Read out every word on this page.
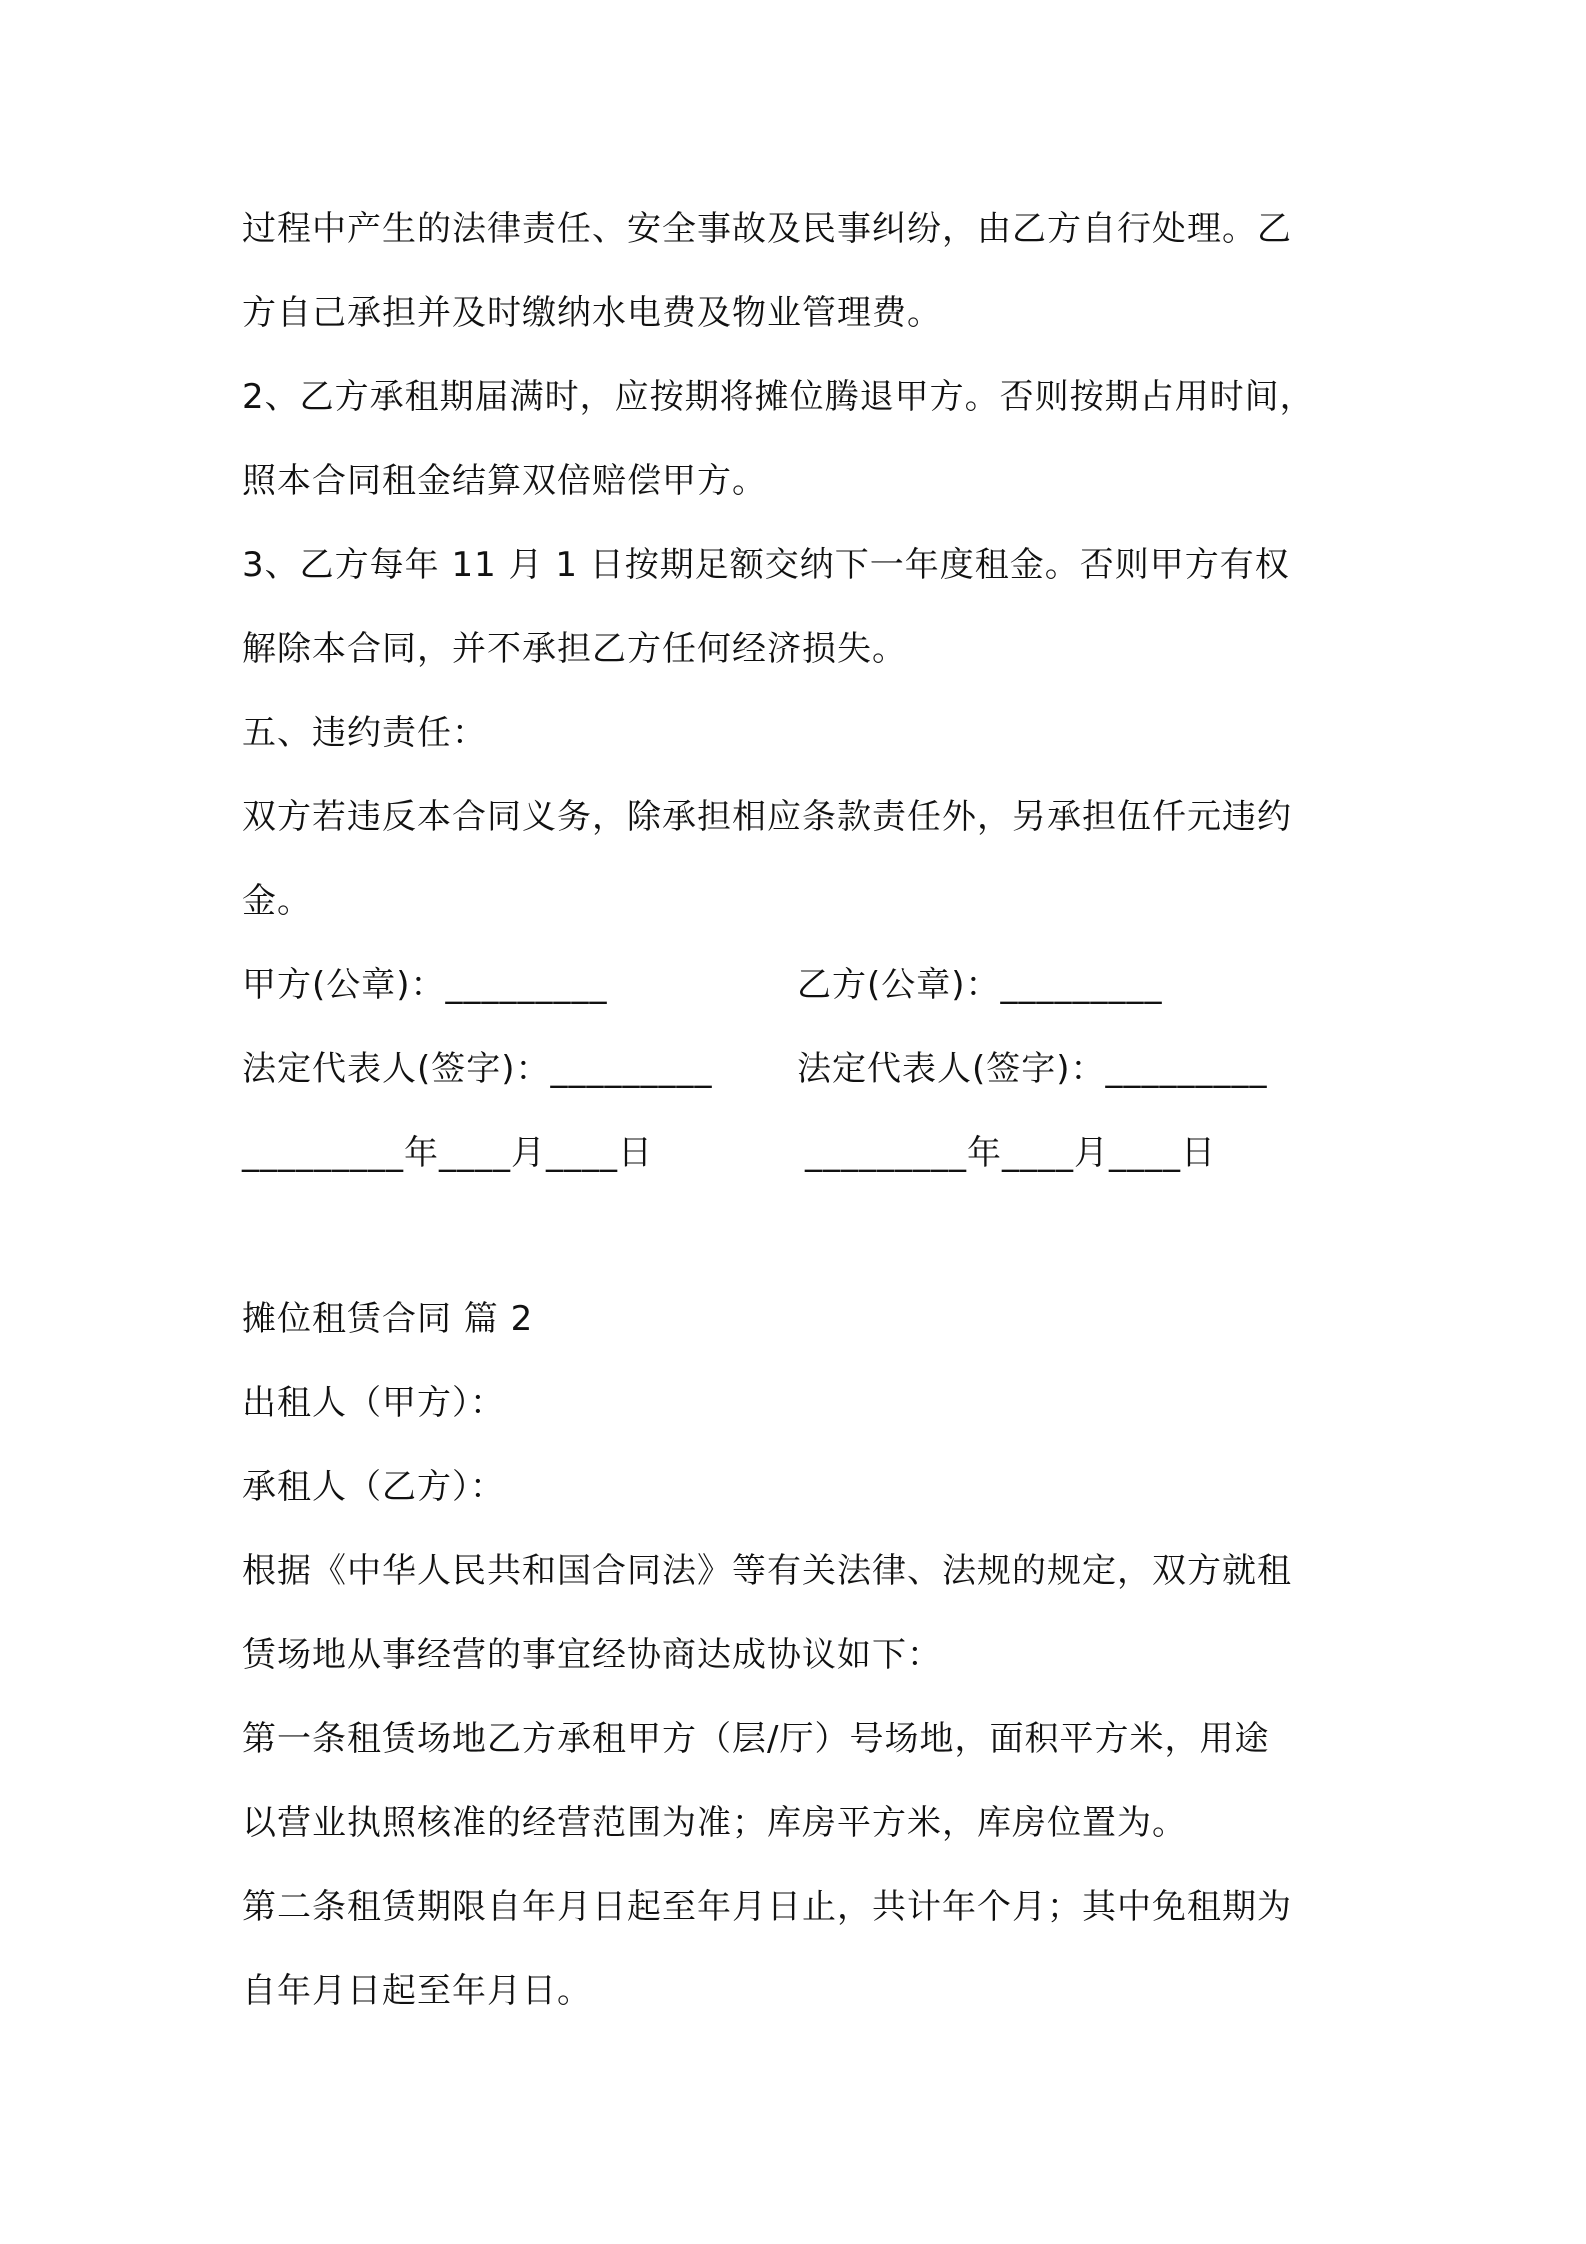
过程中产生的法律责任、安全事故及民事纠纷，由乙方自行处理。乙
方自己承担并及时缴纳水电费及物业管理费。
2、乙方承租期届满时，应按期将摊位腾退甲方。否则按期占用时间，
照本合同租金结算双倍赔偿甲方。
3、乙方每年 11 月 1 日按期足额交纳下一年度租金。否则甲方有权
解除本合同，并不承担乙方任何经济损失。
五、违约责任：
双方若违反本合同义务，除承担相应条款责任外，另承担伍仟元违约
金。
甲方(公章)：_________	乙方(公章)：_________
法定代表人(签字)：_________ 法定代表人(签字)：_________
_________年____月____日	_________年____月____日
摊位租赁合同 篇 2
出租人（甲方）：
承租人（乙方）：
根据《中华人民共和国合同法》等有关法律、法规的规定，双方就租
赁场地从事经营的事宜经协商达成协议如下：
第一条租赁场地乙方承租甲方（层/厅）号场地，面积平方米，用途
以营业执照核准的经营范围为准；库房平方米，库房位置为。
第二条租赁期限自年月日起至年月日止，共计年个月；其中免租期为
自年月日起至年月日。
